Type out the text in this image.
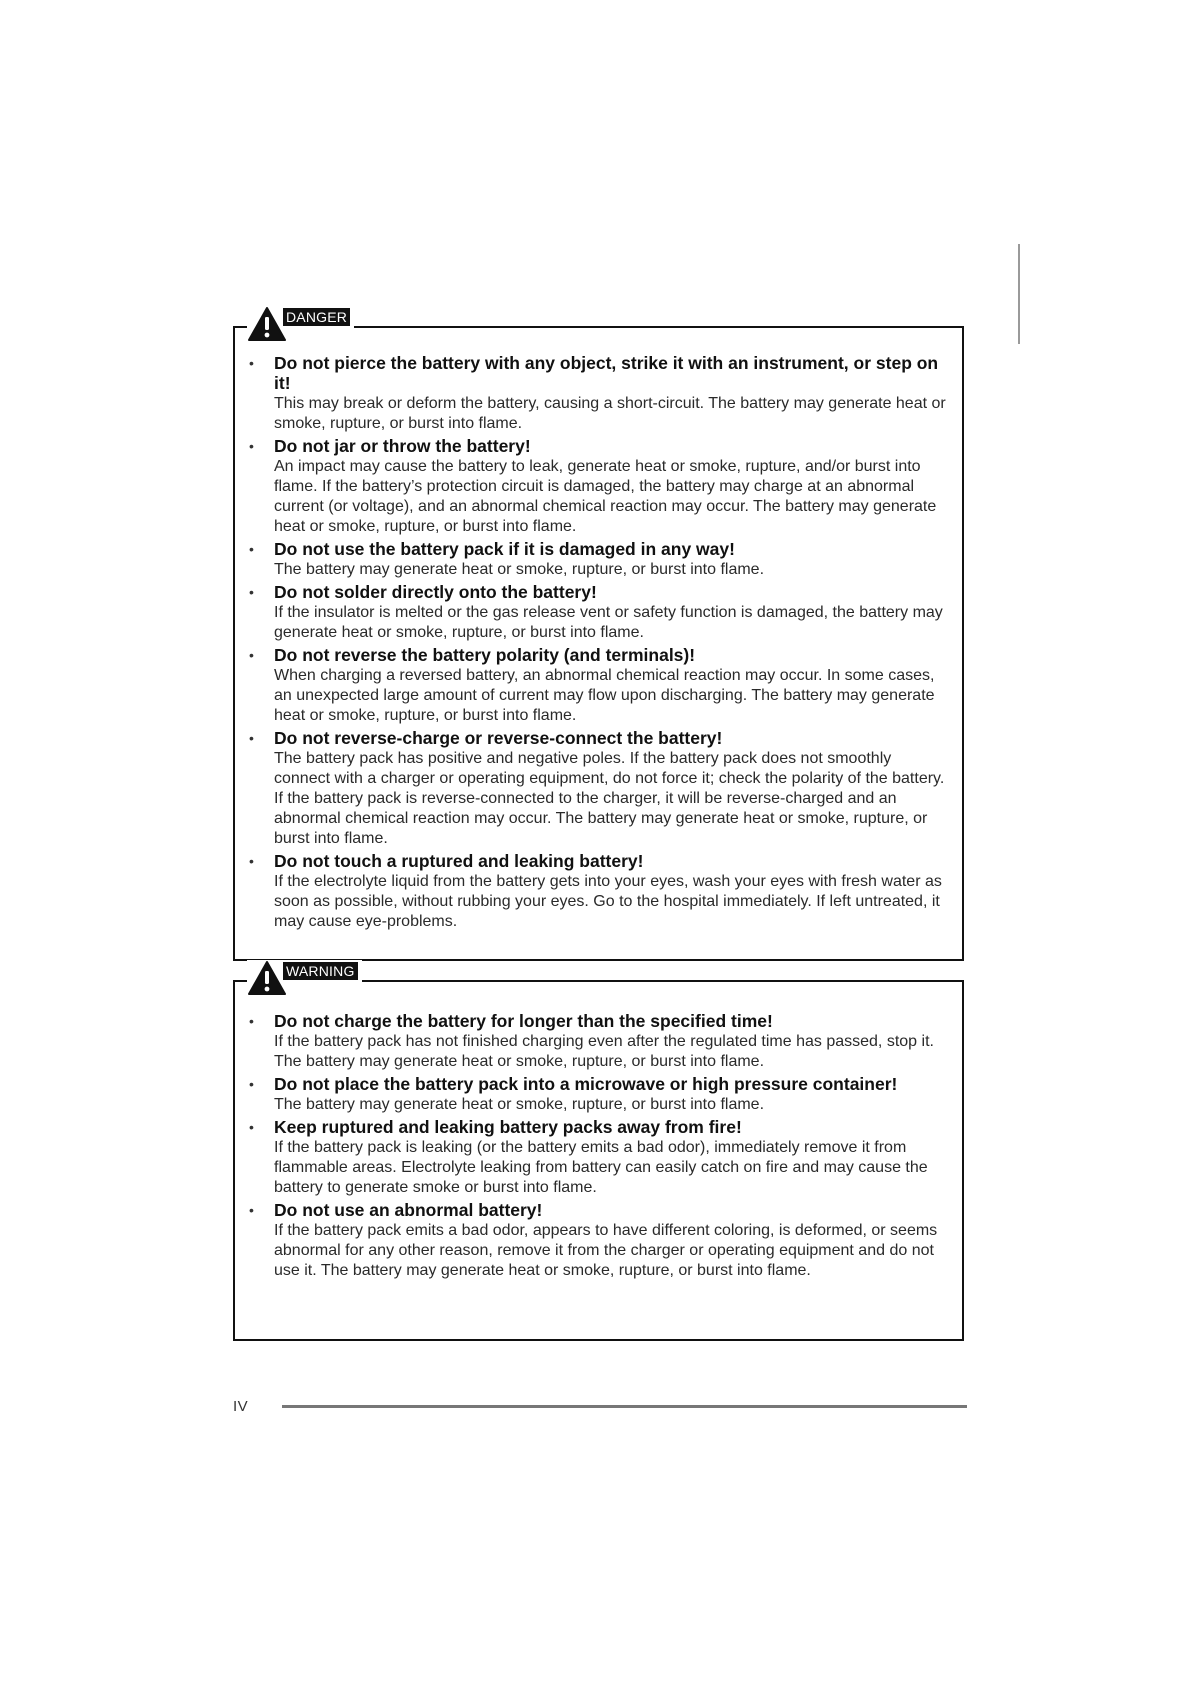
DANGER
• Do not pierce the battery with any object, strike it with an instrument, or step on it!

This may break or deform the battery, causing a short-circuit. The battery may generate heat or smoke, rupture, or burst into flame.

• Do not jar or throw the battery!

An impact may cause the battery to leak, generate heat or smoke, rupture, and/or burst into flame. If the battery’s protection circuit is damaged, the battery may charge at an abnormal current (or voltage), and an abnormal chemical reaction may occur. The battery may generate heat or smoke, rupture, or burst into flame.

• Do not use the battery pack if it is damaged in any way!

The battery may generate heat or smoke, rupture, or burst into flame.

• Do not solder directly onto the battery!

If the insulator is melted or the gas release vent or safety function is damaged, the battery may generate heat or smoke, rupture, or burst into flame.

• Do not reverse the battery polarity (and terminals)!

When charging a reversed battery, an abnormal chemical reaction may occur. In some cases, an unexpected large amount of current may flow upon discharging. The battery may generate heat or smoke, rupture, or burst into flame.

• Do not reverse-charge or reverse-connect the battery!

The battery pack has positive and negative poles. If the battery pack does not smoothly connect with a charger or operating equipment, do not force it; check the polarity of the battery. If the battery pack is reverse-connected to the charger, it will be reverse-charged and an abnormal chemical reaction may occur. The battery may generate heat or smoke, rupture, or burst into flame.

• Do not touch a ruptured and leaking battery!

If the electrolyte liquid from the battery gets into your eyes, wash your eyes with fresh water as soon as possible, without rubbing your eyes. Go to the hospital immediately. If left untreated, it may cause eye-problems.

WARNING
• Do not charge the battery for longer than the specified time!

If the battery pack has not finished charging even after the regulated time has passed, stop it. The battery may generate heat or smoke, rupture, or burst into flame.

• Do not place the battery pack into a microwave or high pressure container!

The battery may generate heat or smoke, rupture, or burst into flame.

• Keep ruptured and leaking battery packs away from fire!

If the battery pack is leaking (or the battery emits a bad odor), immediately remove it from flammable areas. Electrolyte leaking from battery can easily catch on fire and may cause the battery to generate smoke or burst into flame.

• Do not use an abnormal battery!

If the battery pack emits a bad odor, appears to have different coloring, is deformed, or seems abnormal for any other reason, remove it from the charger or operating equipment and do not use it. The battery may generate heat or smoke, rupture, or burst into flame.

IV
